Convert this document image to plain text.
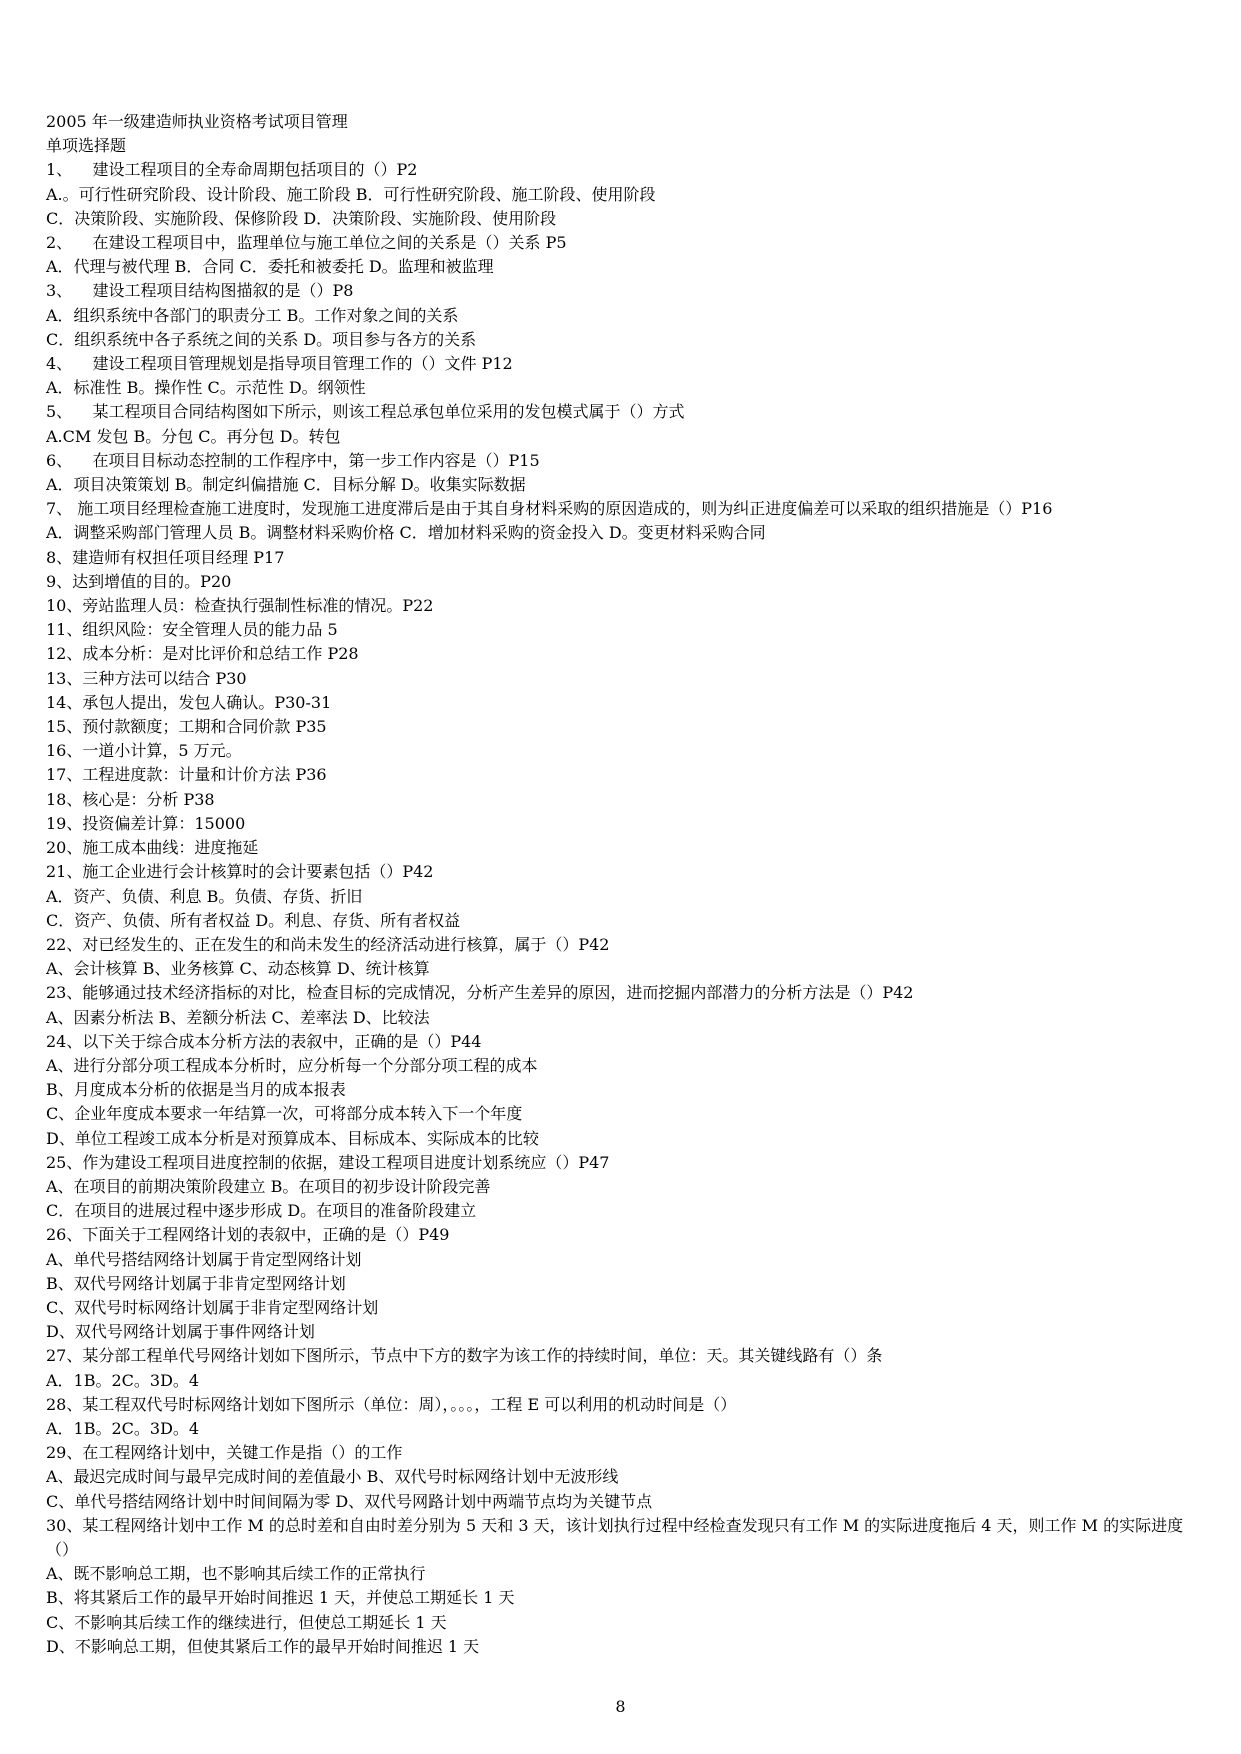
2005 年一级建造师执业资格考试项目管理

单项选择题

1、    建设工程项目的全寿命周期包括项目的（）P2

A.。可行性研究阶段、设计阶段、施工阶段 B．可行性研究阶段、施工阶段、使用阶段

C．决策阶段、实施阶段、保修阶段 D．决策阶段、实施阶段、使用阶段

2、    在建设工程项目中，监理单位与施工单位之间的关系是（）关系 P5

A．代理与被代理 B．合同 C．委托和被委托 D。监理和被监理

3、    建设工程项目结构图描叙的是（）P8

A．组织系统中各部门的职责分工 B。工作对象之间的关系

C．组织系统中各子系统之间的关系 D。项目参与各方的关系

4、    建设工程项目管理规划是指导项目管理工作的（）文件 P12

A．标准性 B。操作性 C。示范性 D。纲领性

5、    某工程项目合同结构图如下所示，则该工程总承包单位采用的发包模式属于（）方式

A.CM 发包 B。分包 C。再分包 D。转包

6、    在项目目标动态控制的工作程序中，第一步工作内容是（）P15

A．项目决策策划 B。制定纠偏措施 C．目标分解 D。收集实际数据

7、 施工项目经理检查施工进度时，发现施工进度滞后是由于其自身材料采购的原因造成的，则为纠正进度偏差可以采取的组织措施是（）P16

A．调整采购部门管理人员 B。调整材料采购价格 C．增加材料采购的资金投入 D。变更材料采购合同

8、建造师有权担任项目经理 P17

9、达到增值的目的。P20

10、旁站监理人员：检查执行强制性标准的情况。P22

11、组织风险：安全管理人员的能力品 5

12、成本分析：是对比评价和总结工作 P28

13、三种方法可以结合 P30

14、承包人提出，发包人确认。P30-31

15、预付款额度；工期和合同价款 P35

16、一道小计算，5 万元。

17、工程进度款：计量和计价方法 P36

18、核心是：分析 P38

19、投资偏差计算：15000

20、施工成本曲线：进度拖延

21、施工企业进行会计核算时的会计要素包括（）P42

A．资产、负债、利息 B。负债、存货、折旧

C．资产、负债、所有者权益 D。利息、存货、所有者权益

22、对已经发生的、正在发生的和尚未发生的经济活动进行核算，属于（）P42

A、会计核算 B、业务核算 C、动态核算 D、统计核算

23、能够通过技术经济指标的对比，检查目标的完成情况，分析产生差异的原因，进而挖掘内部潜力的分析方法是（）P42

A、因素分析法 B、差额分析法 C、差率法 D、比较法

24、以下关于综合成本分析方法的表叙中，正确的是（）P44

A、进行分部分项工程成本分析时，应分析每一个分部分项工程的成本

B、月度成本分析的依据是当月的成本报表

C、企业年度成本要求一年结算一次，可将部分成本转入下一个年度

D、单位工程竣工成本分析是对预算成本、目标成本、实际成本的比较

25、作为建设工程项目进度控制的依据，建设工程项目进度计划系统应（）P47

A、在项目的前期决策阶段建立 B。在项目的初步设计阶段完善

C．在项目的进展过程中逐步形成 D。在项目的准备阶段建立

26、下面关于工程网络计划的表叙中，正确的是（）P49

A、单代号搭结网络计划属于肯定型网络计划

B、双代号网络计划属于非肯定型网络计划

C、双代号时标网络计划属于非肯定型网络计划

D、双代号网络计划属于事件网络计划

27、某分部工程单代号网络计划如下图所示，节点中下方的数字为该工作的持续时间，单位：天。其关键线路有（）条

A．1B。2C。3D。4

28、某工程双代号时标网络计划如下图所示（单位：周），。。。，工程 E 可以利用的机动时间是（）

A．1B。2C。3D。4

29、在工程网络计划中，关键工作是指（）的工作

A、最迟完成时间与最早完成时间的差值最小 B、双代号时标网络计划中无波形线

C、单代号搭结网络计划中时间间隔为零 D、双代号网路计划中两端节点均为关键节点

30、某工程网络计划中工作 M 的总时差和自由时差分别为 5 天和 3 天，该计划执行过程中经检查发现只有工作 M 的实际进度拖后 4 天，则工作 M 的实际进度（）

A、既不影响总工期，也不影响其后续工作的正常执行

B、将其紧后工作的最早开始时间推迟 1 天，并使总工期延长 1 天

C、不影响其后续工作的继续进行，但使总工期延长 1 天

D、不影响总工期，但使其紧后工作的最早开始时间推迟 1 天

8
